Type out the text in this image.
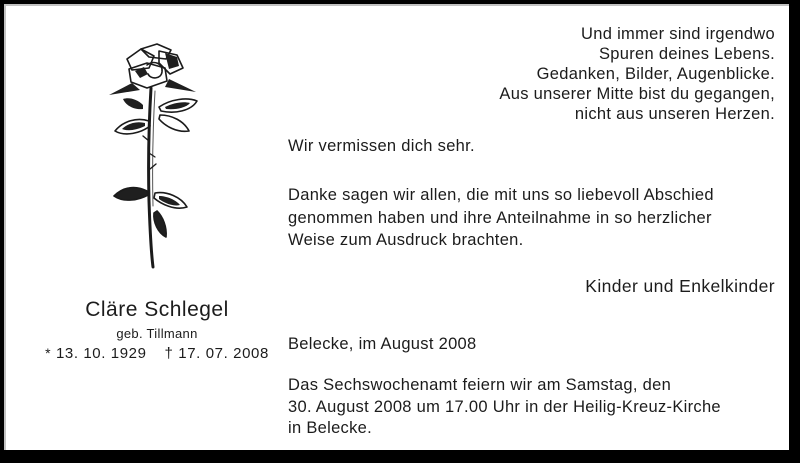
Und immer sind irgendwo
Spuren deines Lebens.
Gedanken, Bilder, Augenblicke.
Aus unserer Mitte bist du gegangen,
nicht aus unseren Herzen.
Wir vermissen dich sehr.
Danke sagen wir allen, die mit uns so liebevoll Abschied
genommen haben und ihre Anteilnahme in so herzlicher
Weise zum Ausdruck brachten.
Kinder und Enkelkinder
Belecke, im August 2008
Das Sechswochenamt feiern wir am Samstag, den
30. August 2008 um 17.00 Uhr in der Heilig-Kreuz-Kirche
in Belecke.
Cläre Schlegel
geb. Tillmann
* 13. 10. 1929 † 17. 07. 2008
